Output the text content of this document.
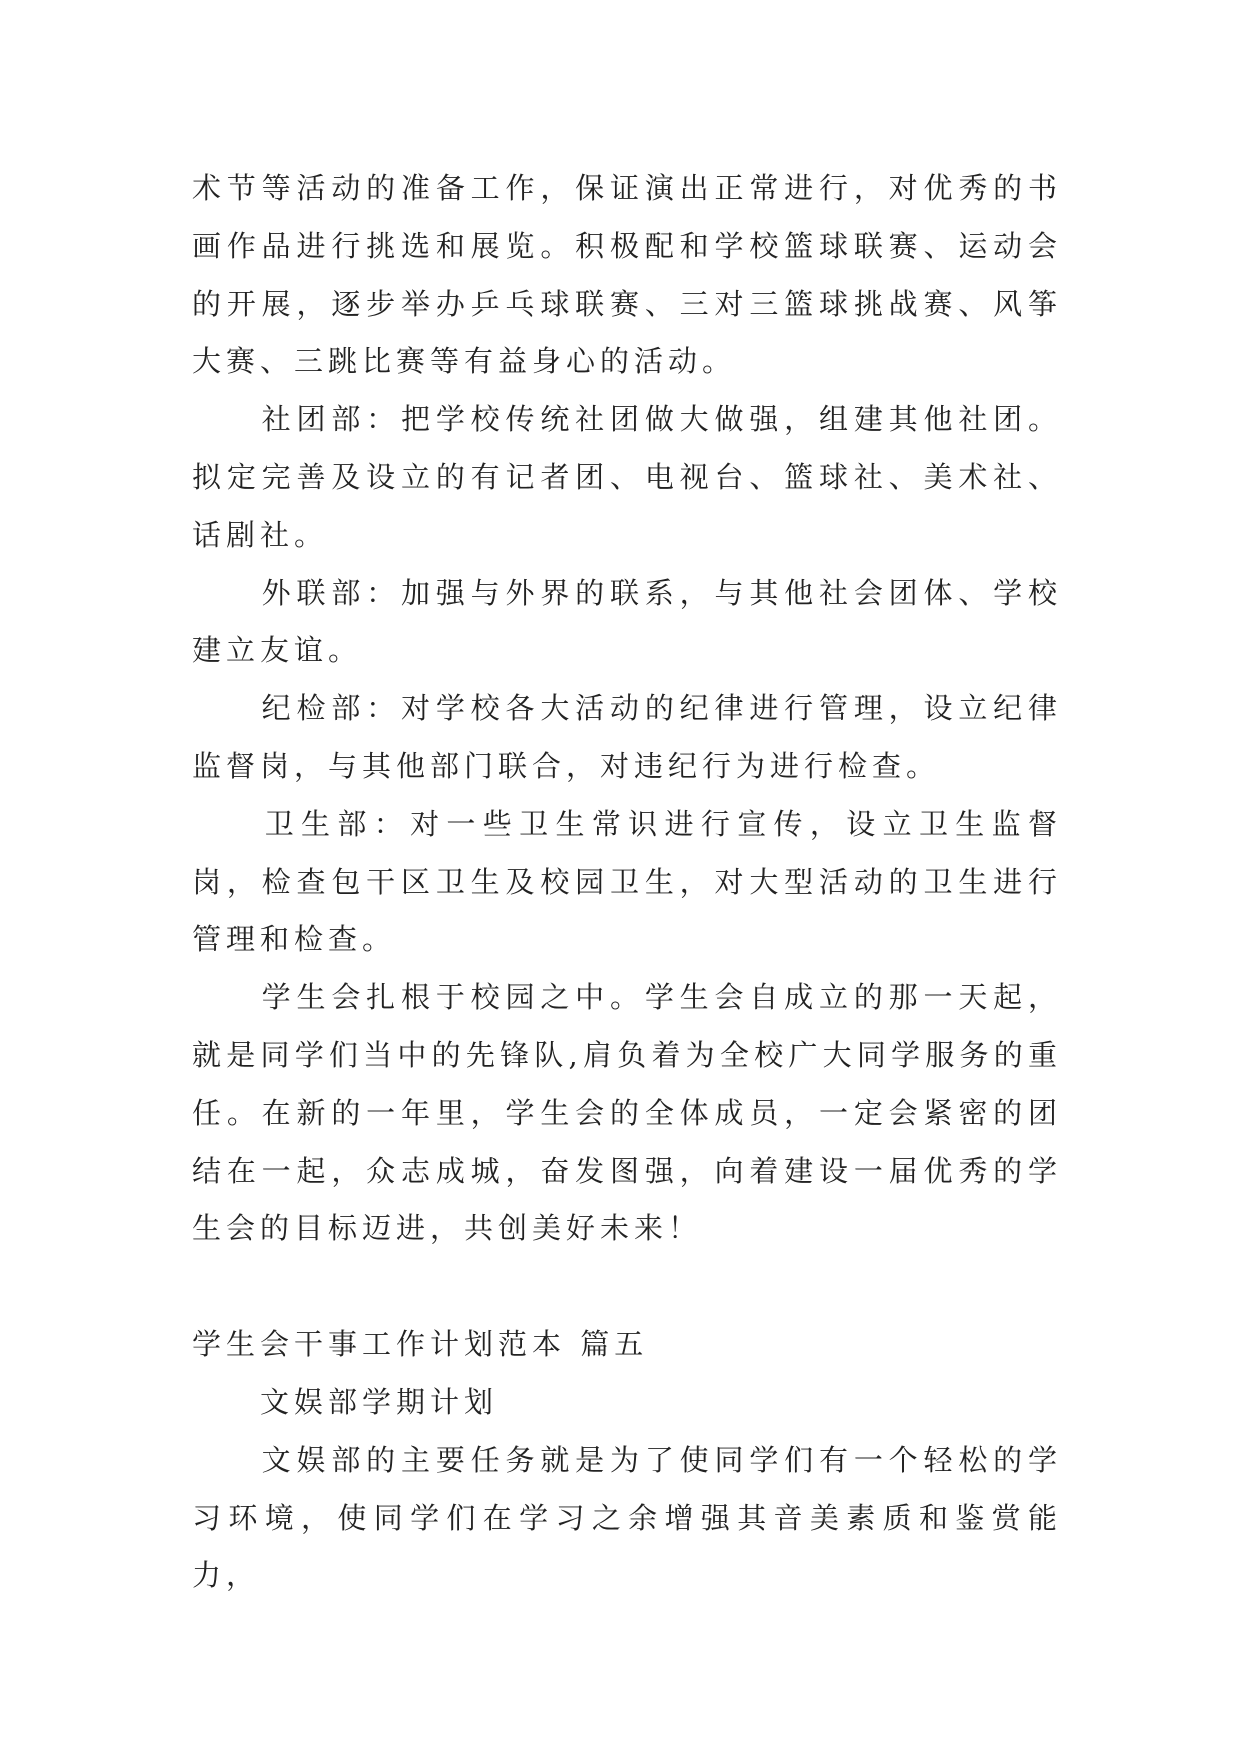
术节等活动的准备工作，保证演出正常进行，对优秀的书画作品进行挑选和展览。积极配和学校篮球联赛、运动会的开展，逐步举办乒乓球联赛、三对三篮球挑战赛、风筝大赛、三跳比赛等有益身心的活动。

　　社团部：把学校传统社团做大做强，组建其他社团。拟定完善及设立的有记者团、电视台、篮球社、美术社、话剧社。

　　外联部：加强与外界的联系，与其他社会团体、学校建立友谊。

　　纪检部：对学校各大活动的纪律进行管理，设立纪律监督岗，与其他部门联合，对违纪行为进行检查。

　　卫生部：对一些卫生常识进行宣传，设立卫生监督岗，检查包干区卫生及校园卫生，对大型活动的卫生进行管理和检查。

　　学生会扎根于校园之中。学生会自成立的那一天起，就是同学们当中的先锋队,肩负着为全校广大同学服务的重任。在新的一年里，学生会的全体成员，一定会紧密的团结在一起，众志成城，奋发图强，向着建设一届优秀的学生会的目标迈进，共创美好未来！

学生会干事工作计划范本 篇五

　　文娱部学期计划

　　文娱部的主要任务就是为了使同学们有一个轻松的学习环境，使同学们在学习之余增强其音美素质和鉴赏能力，
